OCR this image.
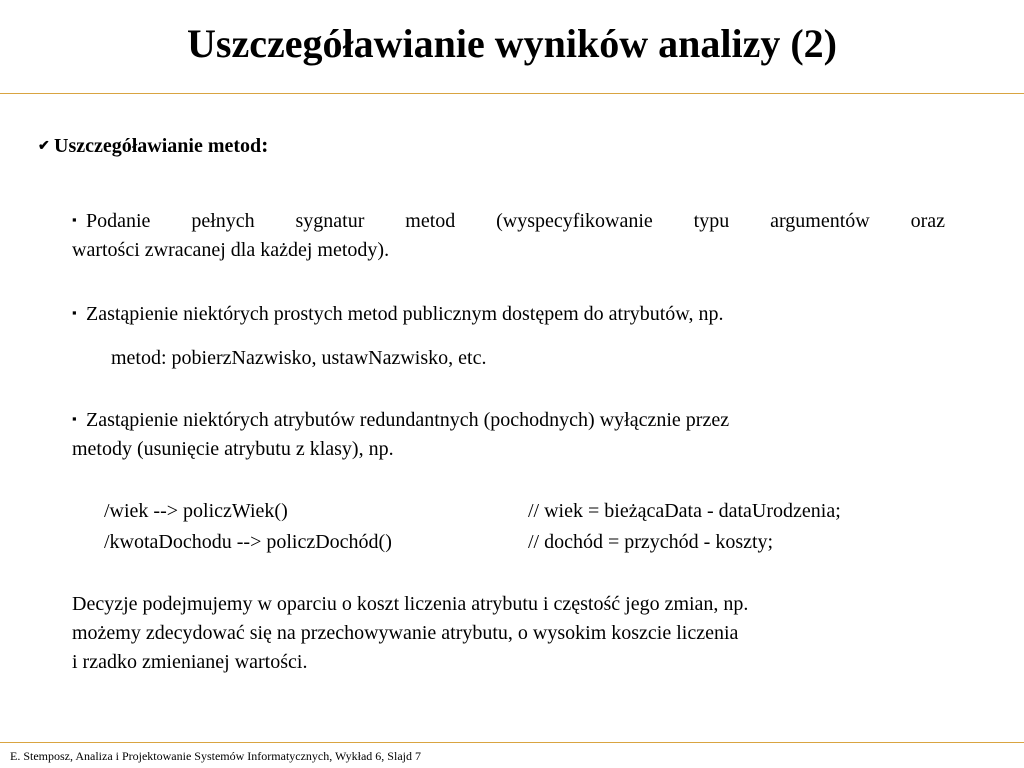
Uszczegóławianie wyników analizy (2)
✔ Uszczegóławianie metod:
▪ Podanie pełnych sygnatur metod (wyspecyfikowanie typu argumentów oraz
wartości zwracanej dla każdej metody).
▪ Zastąpienie niektórych prostych metod publicznym dostępem do atrybutów, np.
metod: pobierzNazwisko, ustawNazwisko, etc.
▪ Zastąpienie niektórych atrybutów redundantnych (pochodnych) wyłącznie przez
metody (usunięcie atrybutu z klasy), np.
/wiek --> policzWiek()	// wiek = bieżącaData - dataUrodzenia;
/kwotaDochodu --> policzDochód()	// dochód = przychód - koszty;
Decyzje podejmujemy w oparciu o koszt liczenia atrybutu i częstość jego zmian, np.
możemy zdecydować się na przechowywanie atrybutu, o wysokim koszcie liczenia
i rzadko zmienianej wartości.
E. Stemposz, Analiza i Projektowanie Systemów Informatycznych, Wykład 6, Slajd 7
